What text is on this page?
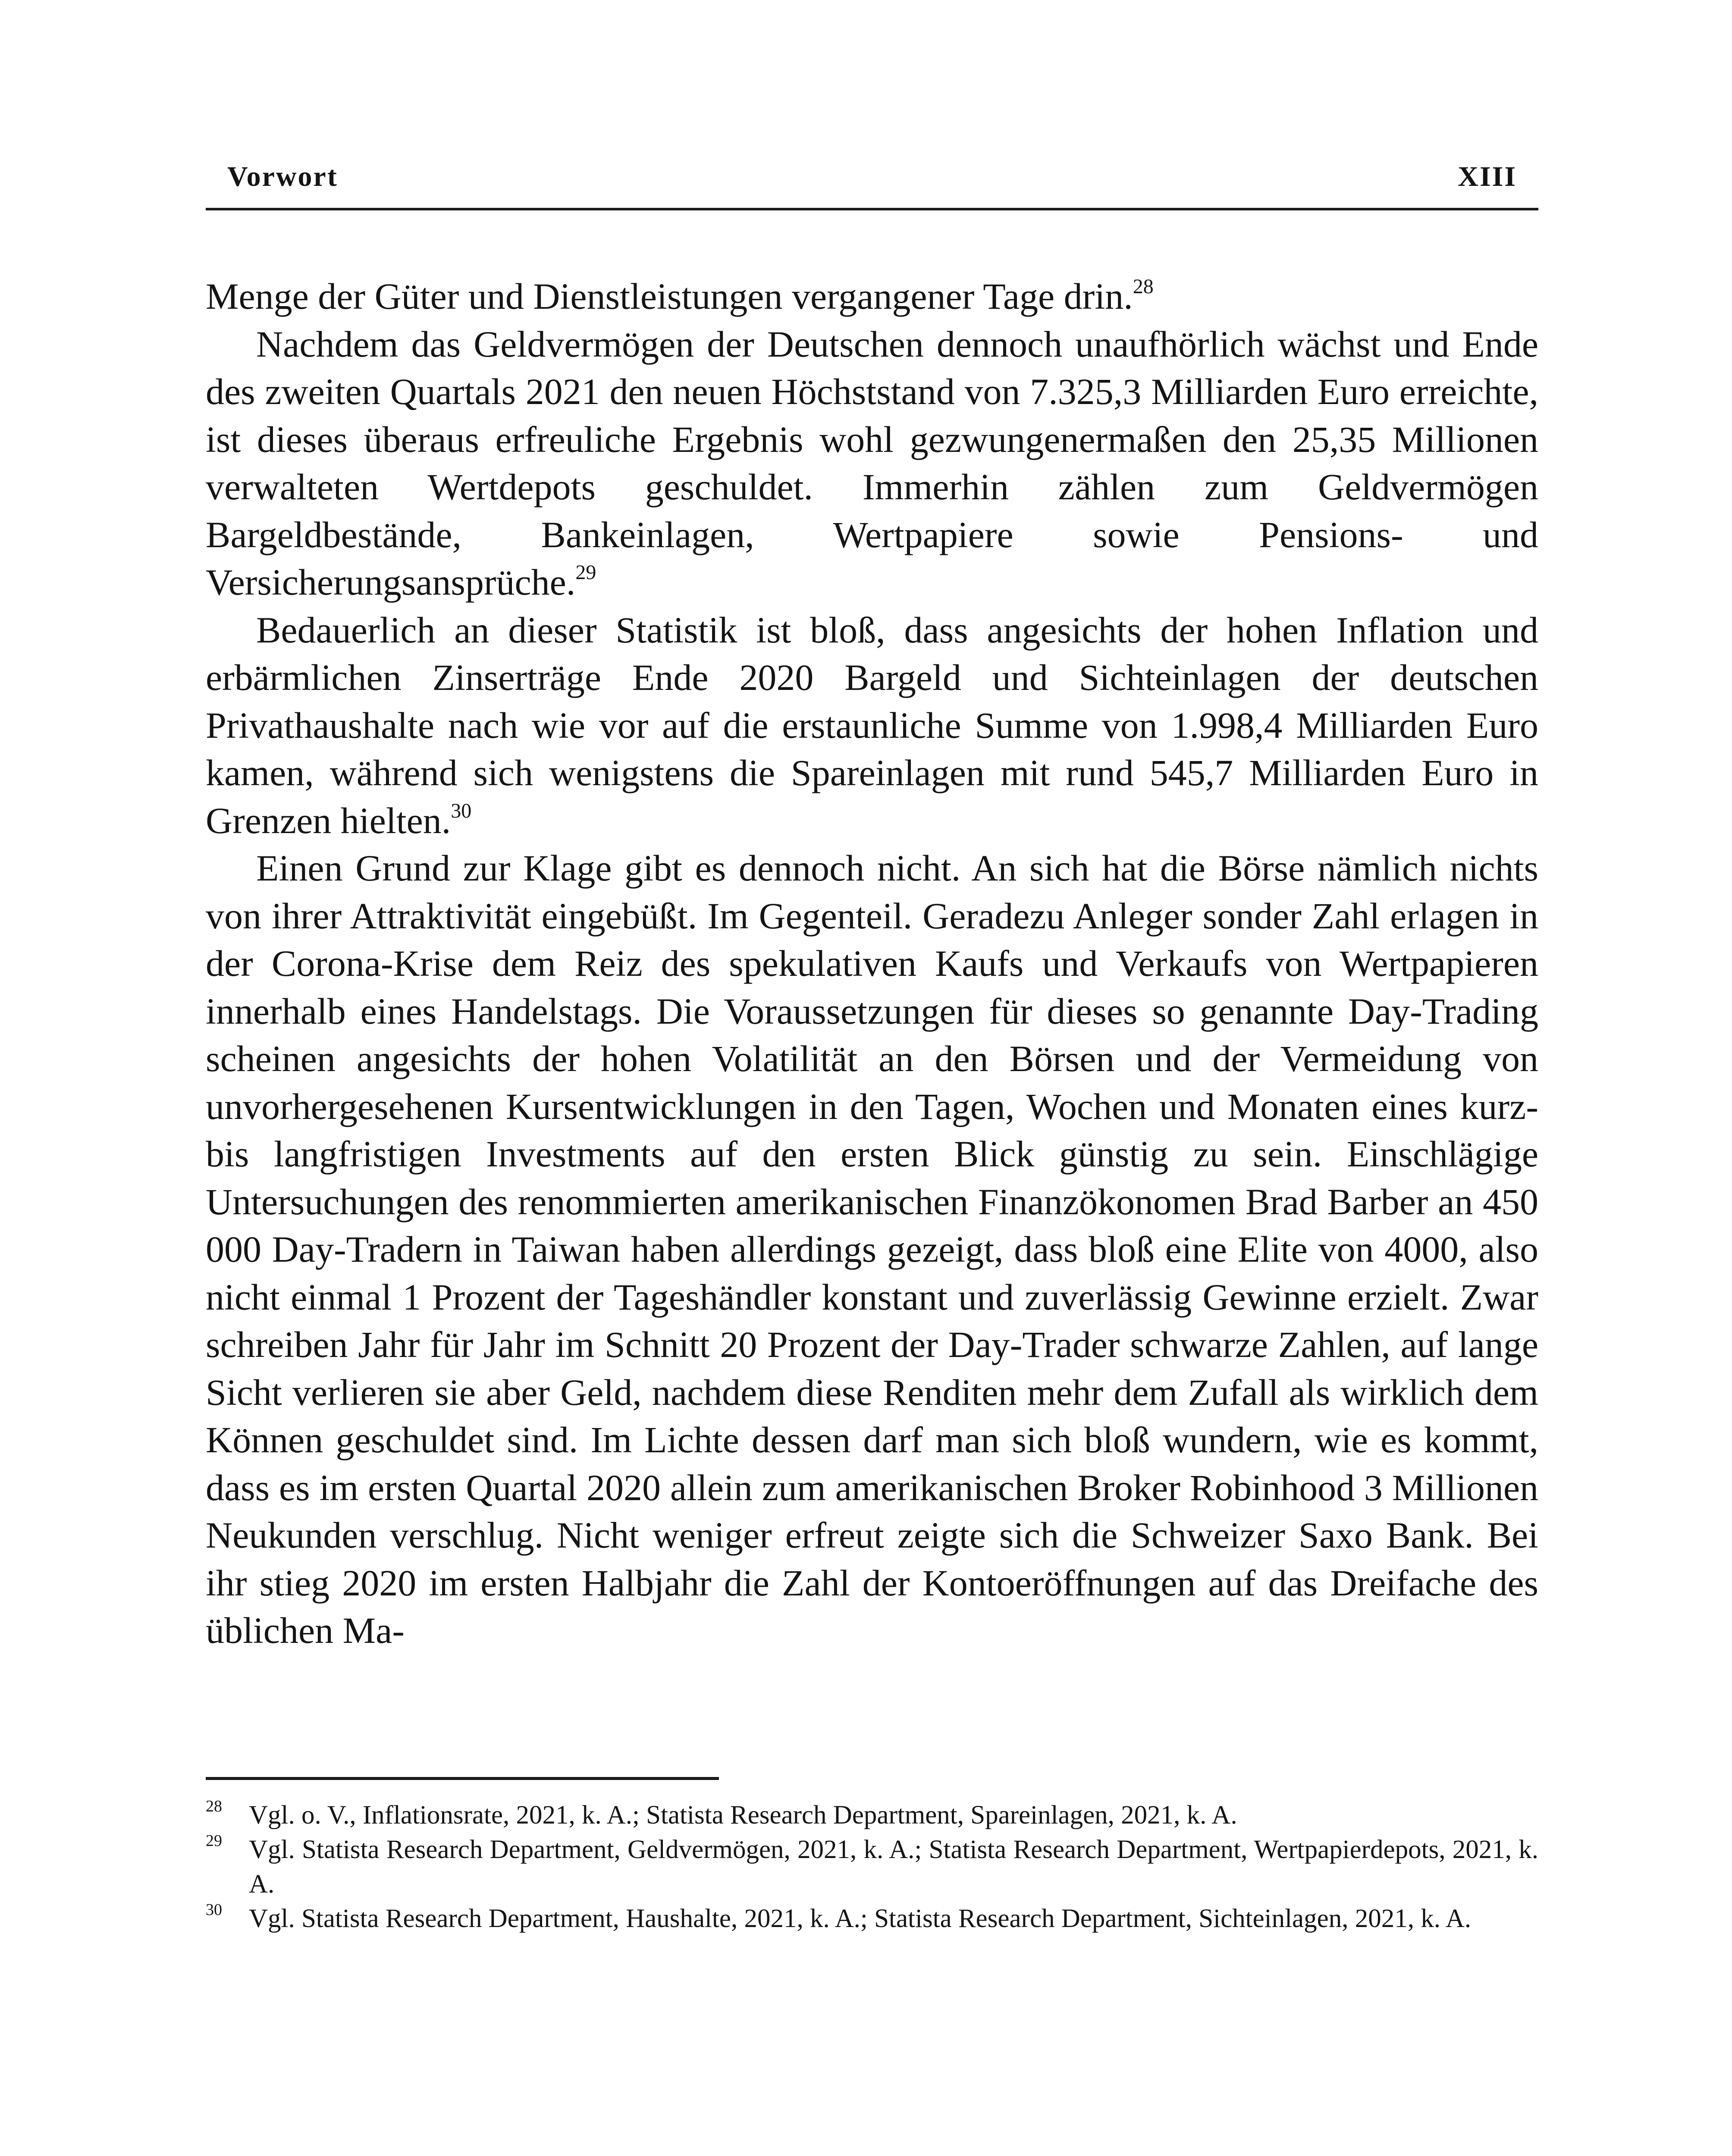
Vorwort	XIII

Menge der Güter und Dienstleistungen vergangener Tage drin.$^{28}$

Nachdem das Geldvermögen der Deutschen dennoch unaufhörlich wächst und Ende des zweiten Quartals 2021 den neuen Höchststand von 7.325,3 Milliarden Euro erreichte, ist dieses überaus erfreuliche Ergebnis wohl gezwungenermaßen den 25,35 Millionen verwalteten Wertdepots geschuldet. Immerhin zählen zum Geldvermögen Bargeldbestände, Bankeinlagen, Wertpapiere sowie Pensions- und Versicherungsansprüche.$^{29}$

Bedauerlich an dieser Statistik ist bloß, dass angesichts der hohen Inflation und erbärmlichen Zinserträge Ende 2020 Bargeld und Sichteinlagen der deutschen Privathaushalte nach wie vor auf die erstaunliche Summe von 1.998,4 Milliarden Euro kamen, während sich wenigstens die Spareinlagen mit rund 545,7 Milliarden Euro in Grenzen hielten.$^{30}$

Einen Grund zur Klage gibt es dennoch nicht. An sich hat die Börse nämlich nichts von ihrer Attraktivität eingebüßt. Im Gegenteil. Geradezu Anleger sonder Zahl erlagen in der Corona-Krise dem Reiz des spekulativen Kaufs und Verkaufs von Wertpapieren innerhalb eines Handelstags. Die Voraussetzungen für dieses so genannte Day-Trading scheinen angesichts der hohen Volatilität an den Börsen und der Vermeidung von unvorhergesehenen Kursentwicklungen in den Tagen, Wochen und Monaten eines kurz- bis langfristigen Investments auf den ersten Blick günstig zu sein. Einschlägige Untersuchungen des renommierten amerikanischen Finanzökonomen Brad Barber an 450 000 Day-Tradern in Taiwan haben allerdings gezeigt, dass bloß eine Elite von 4000, also nicht einmal 1 Prozent der Tageshändler konstant und zuverlässig Gewinne erzielt. Zwar schreiben Jahr für Jahr im Schnitt 20 Prozent der Day-Trader schwarze Zahlen, auf lange Sicht verlieren sie aber Geld, nachdem diese Renditen mehr dem Zufall als wirklich dem Können geschuldet sind. Im Lichte dessen darf man sich bloß wundern, wie es kommt, dass es im ersten Quartal 2020 allein zum amerikanischen Broker Robinhood 3 Millionen Neukunden verschlug. Nicht weniger erfreut zeigte sich die Schweizer Saxo Bank. Bei ihr stieg 2020 im ersten Halbjahr die Zahl der Kontoeröffnungen auf das Dreifache des üblichen Ma-

28	Vgl. o. V., Inflationsrate, 2021, k. A.; Statista Research Department, Spareinlagen, 2021, k. A.
29	Vgl. Statista Research Department, Geldvermögen, 2021, k. A.; Statista Research Department, Wertpapierdepots, 2021, k. A.
30	Vgl. Statista Research Department, Haushalte, 2021, k. A.; Statista Research Department, Sichteinlagen, 2021, k. A.
